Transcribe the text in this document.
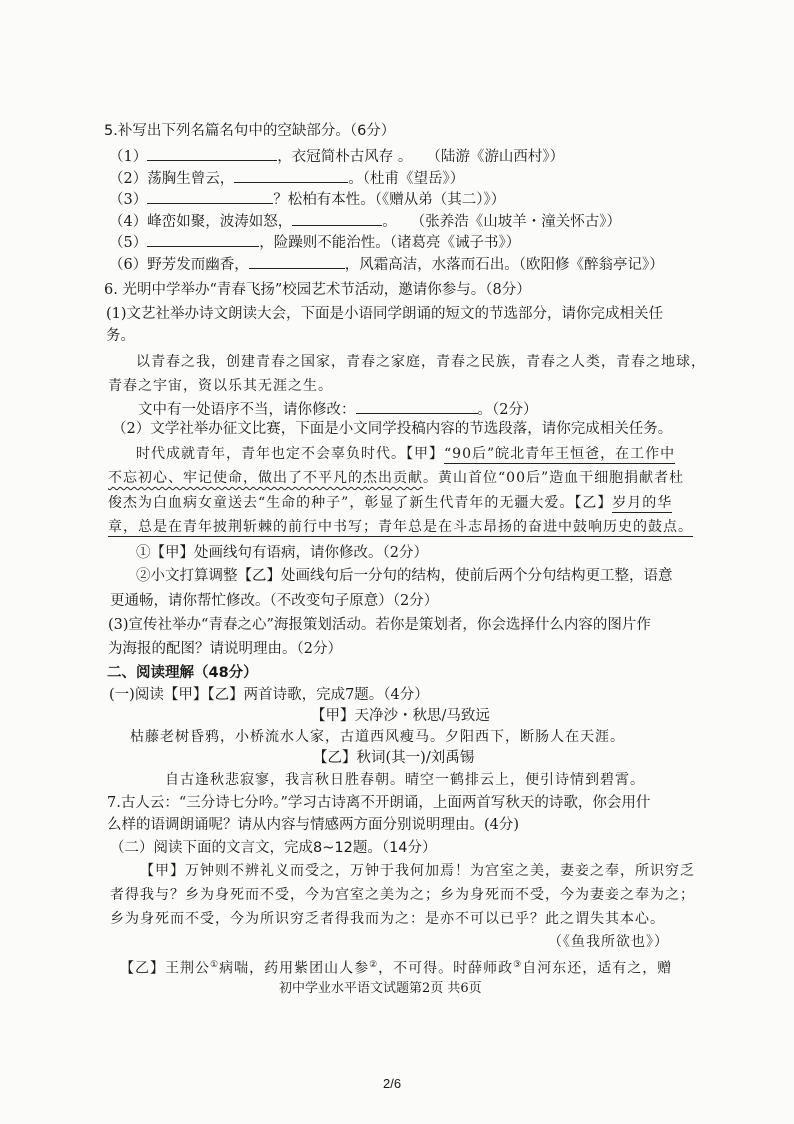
5.补写出下列名篇名句中的空缺部分。（6分）
（1）	，衣冠简朴古风存 。 （陆游《游山西村》）
（2）荡胸生曾云，	。（杜甫《望岳》）
（3）	？松柏有本性。（《赠从弟（其二）》）
（4）峰峦如聚，波涛如怒，	。 （张养浩《山坡羊・潼关怀古》）
（5）	，险躁则不能治性。（诸葛亮《诫子书》）
（6）野芳发而幽香，	，风霜高洁，水落而石出。（欧阳修《醉翁亭记》）
6. 光明中学举办“青春飞扬”校园艺术节活动，邀请你参与。（8分）
(1)文艺社举办诗文朗读大会，下面是小语同学朗诵的短文的节选部分，请你完成相关任
务。
以青春之我，创建青春之国家，青春之家庭，青春之民族，青春之人类，青春之地球，
青春之宇宙，资以乐其无涯之生。
文中有一处语序不当，请你修改：	。（2分）
（2）文学社举办征文比赛，下面是小文同学投稿内容的节选段落，请你完成相关任务。
时代成就青年，青年也定不会辜负时代。【甲】“90后”皖北青年王恒爸，在工作中
不忘初心、牢记使命，做出了不平凡的杰出贡献。黄山首位“00后”造血干细胞捐献者杜
俊杰为白血病女童送去“生命的种子”，彰显了新生代青年的无疆大爱。【乙】岁月的华
章，总是在青年披荆斩棘的前行中书写；青年总是在斗志昂扬的奋进中鼓响历史的鼓点。
①【甲】处画线句有语病，请你修改。（2分）
②小文打算调整【乙】处画线句后一分句的结构，使前后两个分句结构更工整，语意
更通畅，请你帮忙修改。（不改变句子原意）（2分）
(3)宣传社举办“青春之心”海报策划活动。若你是策划者，你会选择什么内容的图片作
为海报的配图？请说明理由。（2分）
二、阅读理解（48分）
(一)阅读【甲】【乙】两首诗歌，完成7题。（4分）
【甲】天净沙・秋思/马致远
枯藤老树昏鸦，小桥流水人家，古道西风瘦马。夕阳西下，断肠人在天涯。
【乙】秋词(其一)/刘禹锡
自古逢秋悲寂寥，我言秋日胜春朝。晴空一鹤排云上，便引诗情到碧霄。
7.古人云：“三分诗七分吟。”学习古诗离不开朗诵，上面两首写秋天的诗歌，你会用什
么样的语调朗诵呢？请从内容与情感两方面分别说明理由。(4分)
（二）阅读下面的文言文，完成8~12题。（14分）
【甲】万钟则不辨礼义而受之，万钟于我何加焉！为宫室之美，妻妾之奉，所识穷乏
者得我与？乡为身死而不受，今为宫室之美为之；乡为身死而不受，今为妻妾之奉为之；
乡为身死而不受，今为所识穷乏者得我而为之：是亦不可以已乎？此之谓失其本心。
（《鱼我所欲也》）
【乙】王荆公①病喘，药用紫团山人参②，不可得。时薛师政③自河东还，适有之，赠
初中学业水平语文试题第2页 共6页
2/6
